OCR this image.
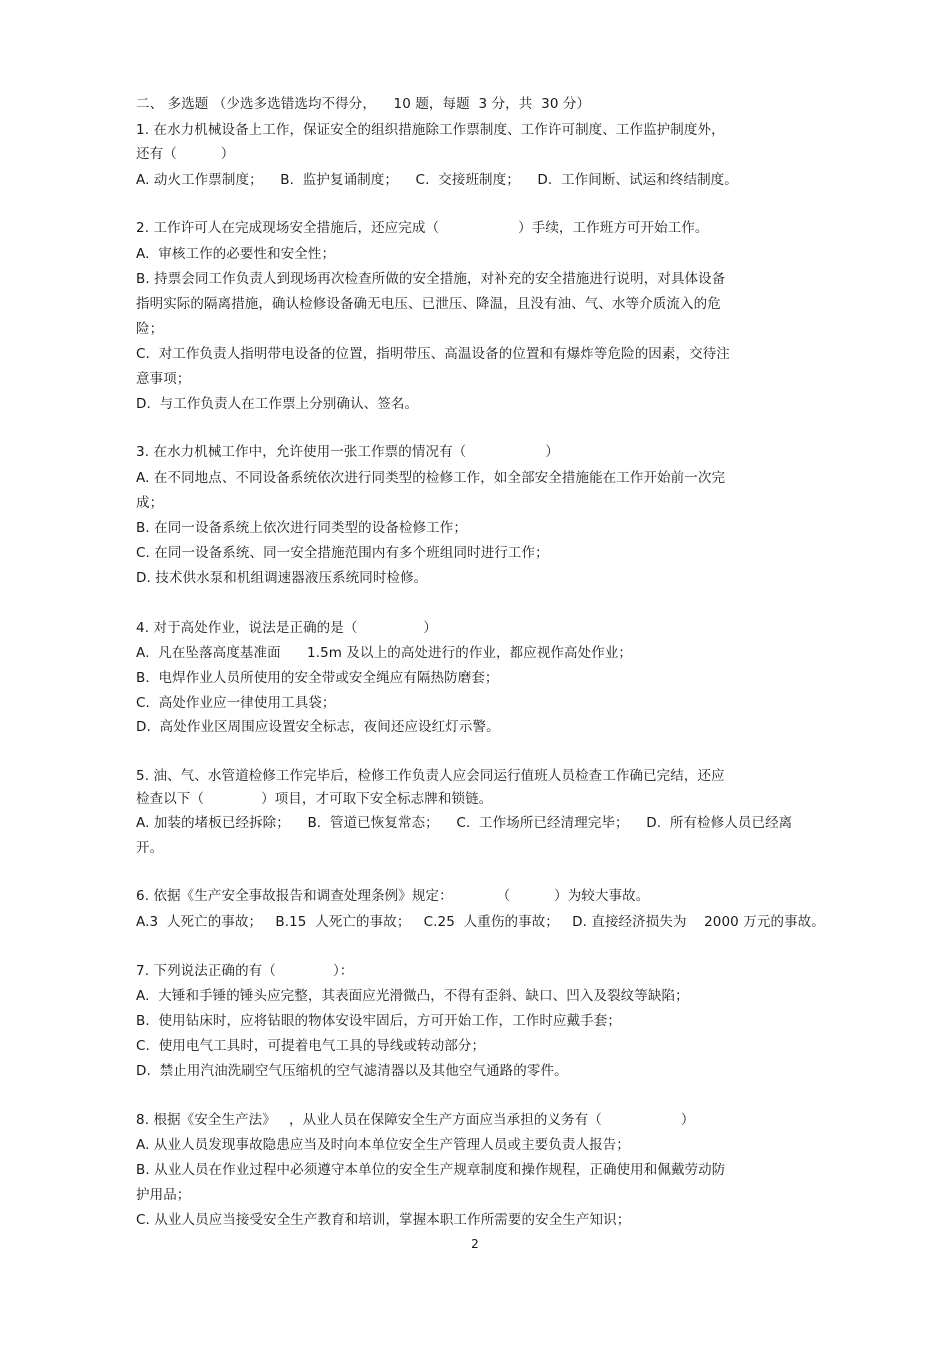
二、 多选题 （少选多选错选均不得分，    10 题，每题  3 分，共  30 分）
1. 在水力机械设备上工作，保证安全的组织措施除工作票制度、工作许可制度、工作监护制度外，
还有（          ）
A. 动火工作票制度；    B.  监护复诵制度；    C.  交接班制度；    D.  工作间断、试运和终结制度。
2. 工作许可人在完成现场安全措施后，还应完成（                  ）手续，工作班方可开始工作。
A.  审核工作的必要性和安全性；
B. 持票会同工作负责人到现场再次检查所做的安全措施，对补充的安全措施进行说明，对具体设备
指明实际的隔离措施，确认检修设备确无电压、已泄压、降温，且没有油、气、水等介质流入的危
险；
C.  对工作负责人指明带电设备的位置，指明带压、高温设备的位置和有爆炸等危险的因素，交待注
意事项；
D.  与工作负责人在工作票上分别确认、签名。
3. 在水力机械工作中，允许使用一张工作票的情况有（                  ）
A. 在不同地点、不同设备系统依次进行同类型的检修工作，如全部安全措施能在工作开始前一次完
成；
B. 在同一设备系统上依次进行同类型的设备检修工作；
C. 在同一设备系统、同一安全措施范围内有多个班组同时进行工作；
D. 技术供水泵和机组调速器液压系统同时检修。
4. 对于高处作业，说法是正确的是（               ）
A.  凡在坠落高度基准面      1.5m 及以上的高处进行的作业，都应视作高处作业；
B.  电焊作业人员所使用的安全带或安全绳应有隔热防磨套；
C.  高处作业应一律使用工具袋；
D.  高处作业区周围应设置安全标志，夜间还应设红灯示警。
5. 油、气、水管道检修工作完毕后，检修工作负责人应会同运行值班人员检查工作确已完结，还应
检查以下（             ）项目，才可取下安全标志牌和锁链。
A. 加装的堵板已经拆除；    B.  管道已恢复常态；    C.  工作场所已经清理完毕；    D.  所有检修人员已经离
开。
6. 依据《生产安全事故报告和调查处理条例》规定：          （          ）为较大事故。
A.3  人死亡的事故；   B.15  人死亡的事故；   C.25  人重伤的事故；   D. 直接经济损失为    2000 万元的事故。
7. 下列说法正确的有（             ）：
A.  大锤和手锤的锤头应完整，其表面应光滑微凸，不得有歪斜、缺口、凹入及裂纹等缺陷；
B.  使用钻床时，应将钻眼的物体安设牢固后，方可开始工作，工作时应戴手套；
C.  使用电气工具时，可提着电气工具的导线或转动部分；
D.  禁止用汽油洗刷空气压缩机的空气滤清器以及其他空气通路的零件。
8. 根据《安全生产法》   ，从业人员在保障安全生产方面应当承担的义务有（                  ）
A. 从业人员发现事故隐患应当及时向本单位安全生产管理人员或主要负责人报告；
B. 从业人员在作业过程中必须遵守本单位的安全生产规章制度和操作规程，正确使用和佩戴劳动防
护用品；
C. 从业人员应当接受安全生产教育和培训，掌握本职工作所需要的安全生产知识；
2
